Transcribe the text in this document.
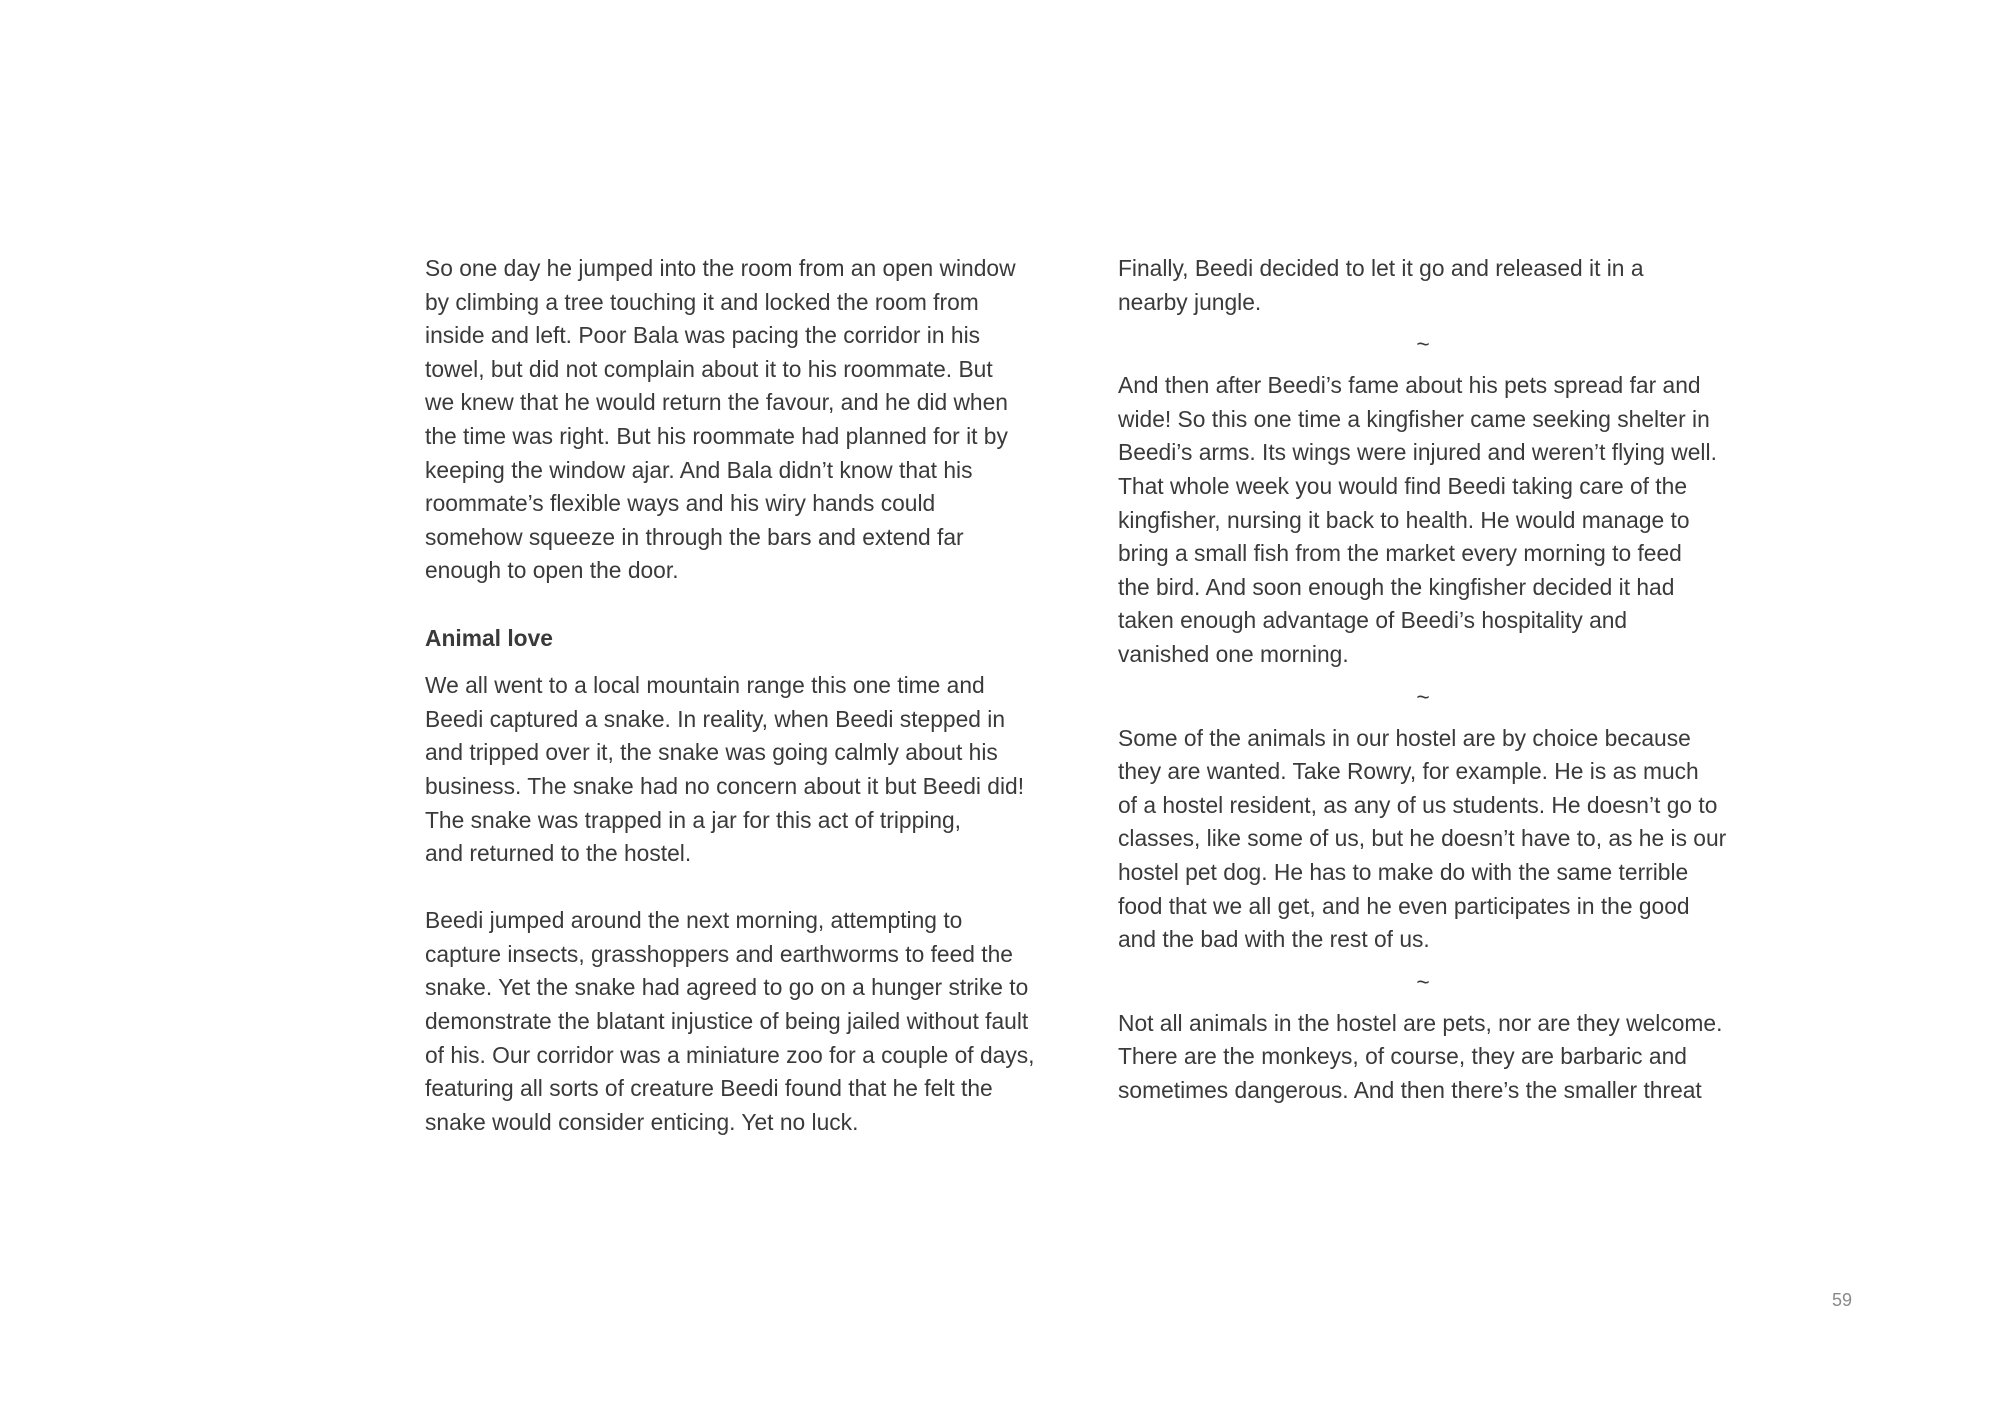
So one day he jumped into the room from an open window
by climbing a tree touching it and locked the room from
inside and left. Poor Bala was pacing the corridor in his
towel, but did not complain about it to his roommate. But
we knew that he would return the favour, and he did when
the time was right. But his roommate had planned for it by
keeping the window ajar. And Bala didn’t know that his
roommate’s flexible ways and his wiry hands could
somehow squeeze in through the bars and extend far
enough to open the door.
Animal love
We all went to a local mountain range this one time and
Beedi captured a snake. In reality, when Beedi stepped in
and tripped over it, the snake was going calmly about his
business. The snake had no concern about it but Beedi did!
The snake was trapped in a jar for this act of tripping,
and returned to the hostel.
Beedi jumped around the next morning, attempting to
capture insects, grasshoppers and earthworms to feed the
snake. Yet the snake had agreed to go on a hunger strike to
demonstrate the blatant injustice of being jailed without fault
of his. Our corridor was a miniature zoo for a couple of days,
featuring all sorts of creature Beedi found that he felt the
snake would consider enticing. Yet no luck.
Finally, Beedi decided to let it go and released it in a
nearby jungle.
~
And then after Beedi’s fame about his pets spread far and
wide! So this one time a kingfisher came seeking shelter in
Beedi’s arms. Its wings were injured and weren’t flying well.
That whole week you would find Beedi taking care of the
kingfisher, nursing it back to health. He would manage to
bring a small fish from the market every morning to feed
the bird. And soon enough the kingfisher decided it had
taken enough advantage of Beedi’s hospitality and
vanished one morning.
~
Some of the animals in our hostel are by choice because
they are wanted. Take Rowry, for example. He is as much
of a hostel resident, as any of us students. He doesn’t go to
classes, like some of us, but he doesn’t have to, as he is our
hostel pet dog. He has to make do with the same terrible
food that we all get, and he even participates in the good
and the bad with the rest of us.
~
Not all animals in the hostel are pets, nor are they welcome.
There are the monkeys, of course, they are barbaric and
sometimes dangerous. And then there’s the smaller threat
59
